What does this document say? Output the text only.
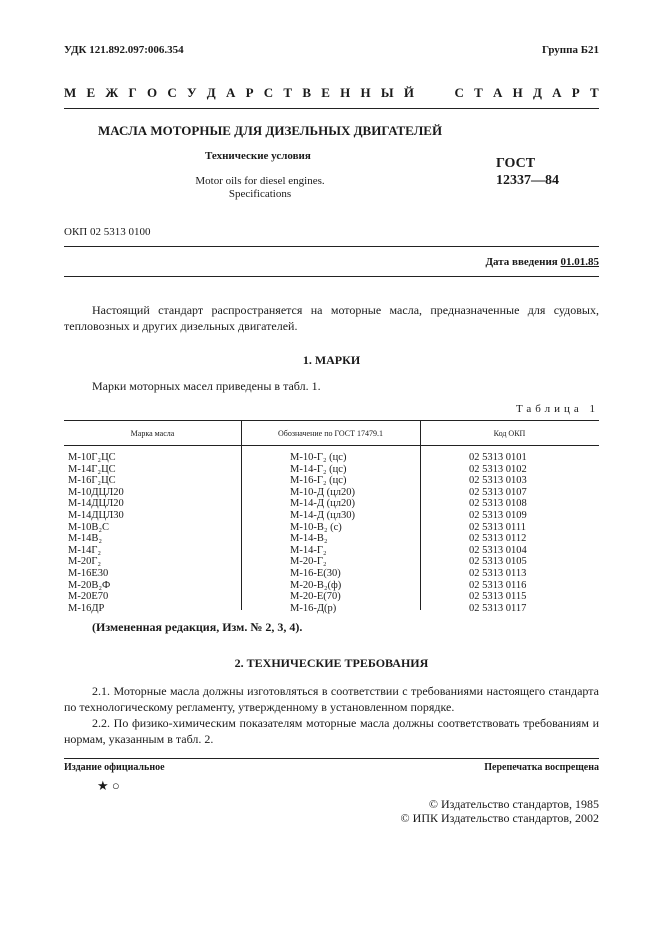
УДК 121.892.097:006.354	Группа Б21
М Е Ж Г О С У Д А Р С Т В Е Н Н Ы Й	С Т А Н Д А Р Т
МАСЛА МОТОРНЫЕ ДЛЯ ДИЗЕЛЬНЫХ ДВИГАТЕЛЕЙ
Технические условия
Motor oils for diesel engines.
Specifications
ГОСТ
12337—84
ОКП 02 5313 0100
Дата введения 01.01.85
Настоящий стандарт распространяется на моторные масла, предназначенные для судовых, тепловозных и других дизельных двигателей.
1. МАРКИ
Марки моторных масел приведены в табл. 1.
Таблица 1
Марка масла	Обозначение по ГОСТ 17479.1	Код ОКП
М-10Г₂ЦС	М-10-Г₂ (цс)	02 5313 0101
М-14Г₂ЦС	М-14-Г₂ (цс)	02 5313 0102
М-16Г₂ЦС	М-16-Г₂ (цс)	02 5313 0103
М-10ДЦЛ20	М-10-Д (цл20)	02 5313 0107
М-14ДЦЛ20	М-14-Д (цл20)	02 5313 0108
М-14ДЦЛ30	М-14-Д (цл30)	02 5313 0109
М-10В₂С	М-10-В₂ (с)	02 5313 0111
М-14В₂	М-14-В₂	02 5313 0112
М-14Г₂	М-14-Г₂	02 5313 0104
М-20Г₂	М-20-Г₂	02 5313 0105
М-16Е30	М-16-Е(30)	02 5313 0113
М-20В₂Ф	М-20-В₂(ф)	02 5313 0116
М-20Е70	М-20-Е(70)	02 5313 0115
М-16ДР	М-16-Д(р)	02 5313 0117
(Измененная редакция, Изм. № 2, 3, 4).
2. ТЕХНИЧЕСКИЕ ТРЕБОВАНИЯ
2.1. Моторные масла должны изготовляться в соответствии с требованиями настоящего стандарта по технологическому регламенту, утвержденному в установленном порядке.
2.2. По физико-химическим показателям моторные масла должны соответствовать требованиям и нормам, указанным в табл. 2.
Издание официальное	Перепечатка воспрещена
★ ○
© Издательство стандартов, 1985
© ИПК Издательство стандартов, 2002
